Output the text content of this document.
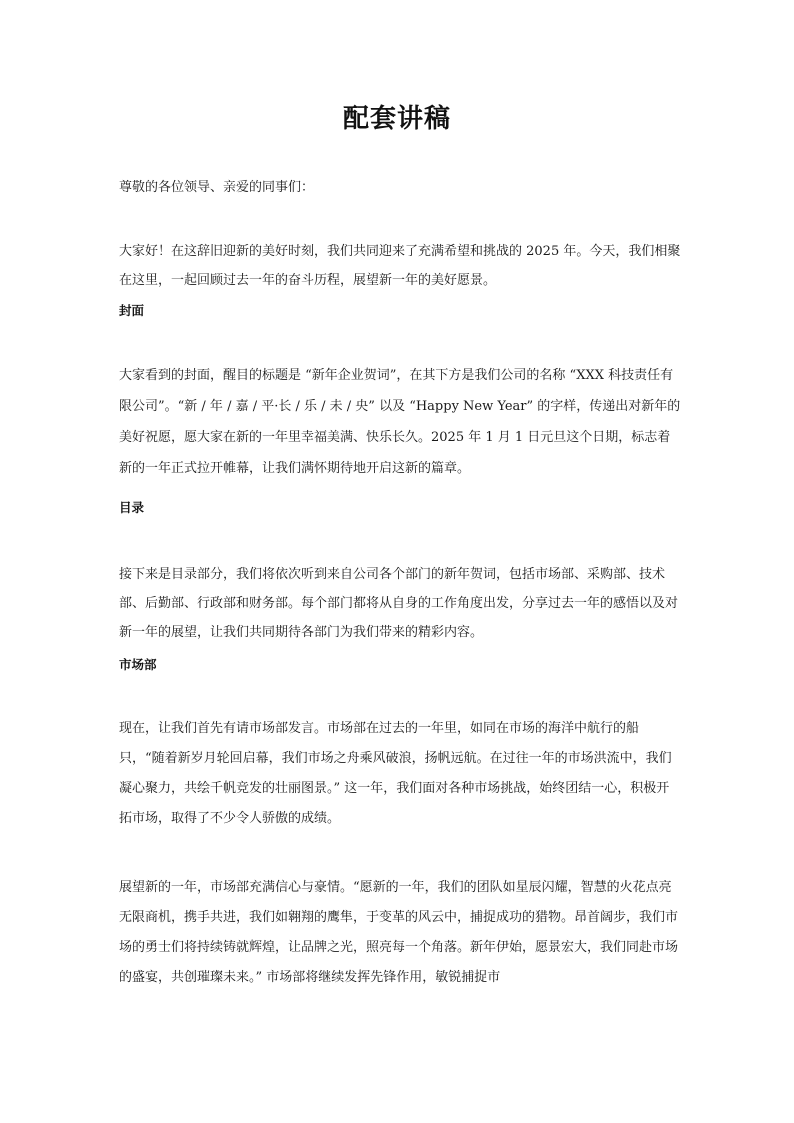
配套讲稿

尊敬的各位领导、亲爱的同事们：

大家好！在这辞旧迎新的美好时刻，我们共同迎来了充满希望和挑战的 2025 年。今天，我们相聚在这里，一起回顾过去一年的奋斗历程，展望新一年的美好愿景。

封面

大家看到的封面，醒目的标题是 “新年企业贺词”，在其下方是我们公司的名称 “XXX 科技责任有限公司”。“新 / 年 / 嘉 / 平·长 / 乐 / 未 / 央” 以及 “Happy New Year” 的字样，传递出对新年的美好祝愿，愿大家在新的一年里幸福美满、快乐长久。2025 年 1 月 1 日元旦这个日期，标志着新的一年正式拉开帷幕，让我们满怀期待地开启这新的篇章。

目录

接下来是目录部分，我们将依次听到来自公司各个部门的新年贺词，包括市场部、采购部、技术部、后勤部、行政部和财务部。每个部门都将从自身的工作角度出发，分享过去一年的感悟以及对新一年的展望，让我们共同期待各部门为我们带来的精彩内容。

市场部

现在，让我们首先有请市场部发言。市场部在过去的一年里，如同在市场的海洋中航行的船只，“随着新岁月轮回启幕，我们市场之舟乘风破浪，扬帆远航。在过往一年的市场洪流中，我们凝心聚力，共绘千帆竞发的壮丽图景。” 这一年，我们面对各种市场挑战，始终团结一心，积极开拓市场，取得了不少令人骄傲的成绩。

展望新的一年，市场部充满信心与豪情。“愿新的一年，我们的团队如星辰闪耀，智慧的火花点亮无限商机，携手共进，我们如翱翔的鹰隼，于变革的风云中，捕捉成功的猎物。昂首阔步，我们市场的勇士们将持续铸就辉煌，让品牌之光，照亮每一个角落。新年伊始，愿景宏大，我们同赴市场的盛宴，共创璀璨未来。” 市场部将继续发挥先锋作用，敏锐捕捉市
